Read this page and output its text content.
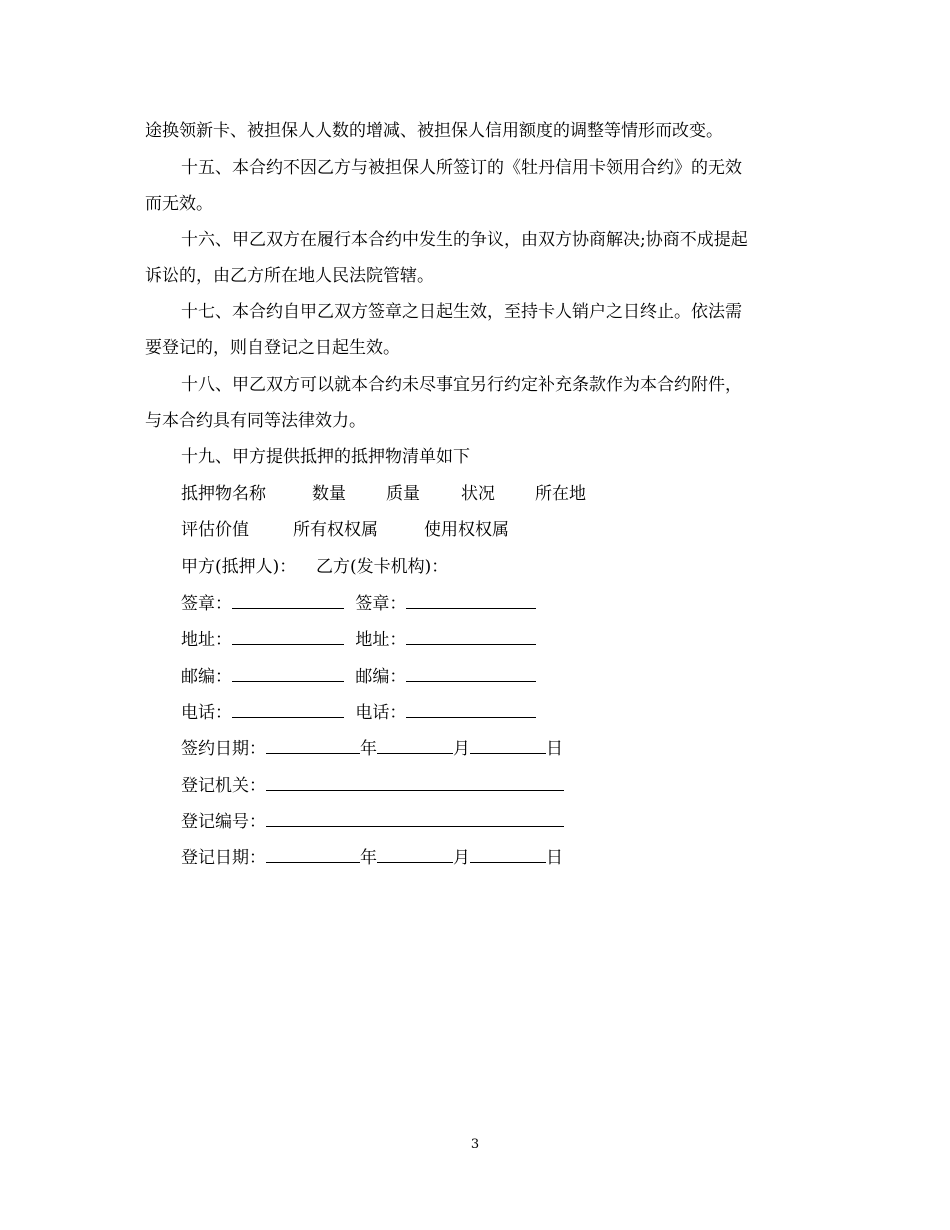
途换领新卡、被担保人人数的增减、被担保人信用额度的调整等情形而改变。
十五、本合约不因乙方与被担保人所签订的《牡丹信用卡领用合约》的无效
而无效。
十六、甲乙双方在履行本合约中发生的争议，由双方协商解决;协商不成提起
诉讼的，由乙方所在地人民法院管辖。
十七、本合约自甲乙双方签章之日起生效，至持卡人销户之日终止。依法需
要登记的，则自登记之日起生效。
十八、甲乙双方可以就本合约未尽事宜另行约定补充条款作为本合约附件，
与本合约具有同等法律效力。
十九、甲方提供抵押的抵押物清单如下
抵押物名称	数量 质量 状况 所在地
评估价值	所有权权属	使用权权属
甲方(抵押人)： 乙方(发卡机构)：
签章：	签章：
地址：	地址：
邮编：	邮编：
电话：	电话：
签约日期：	年	月	日
登记机关：
登记编号：
登记日期：	年	月	日
3
